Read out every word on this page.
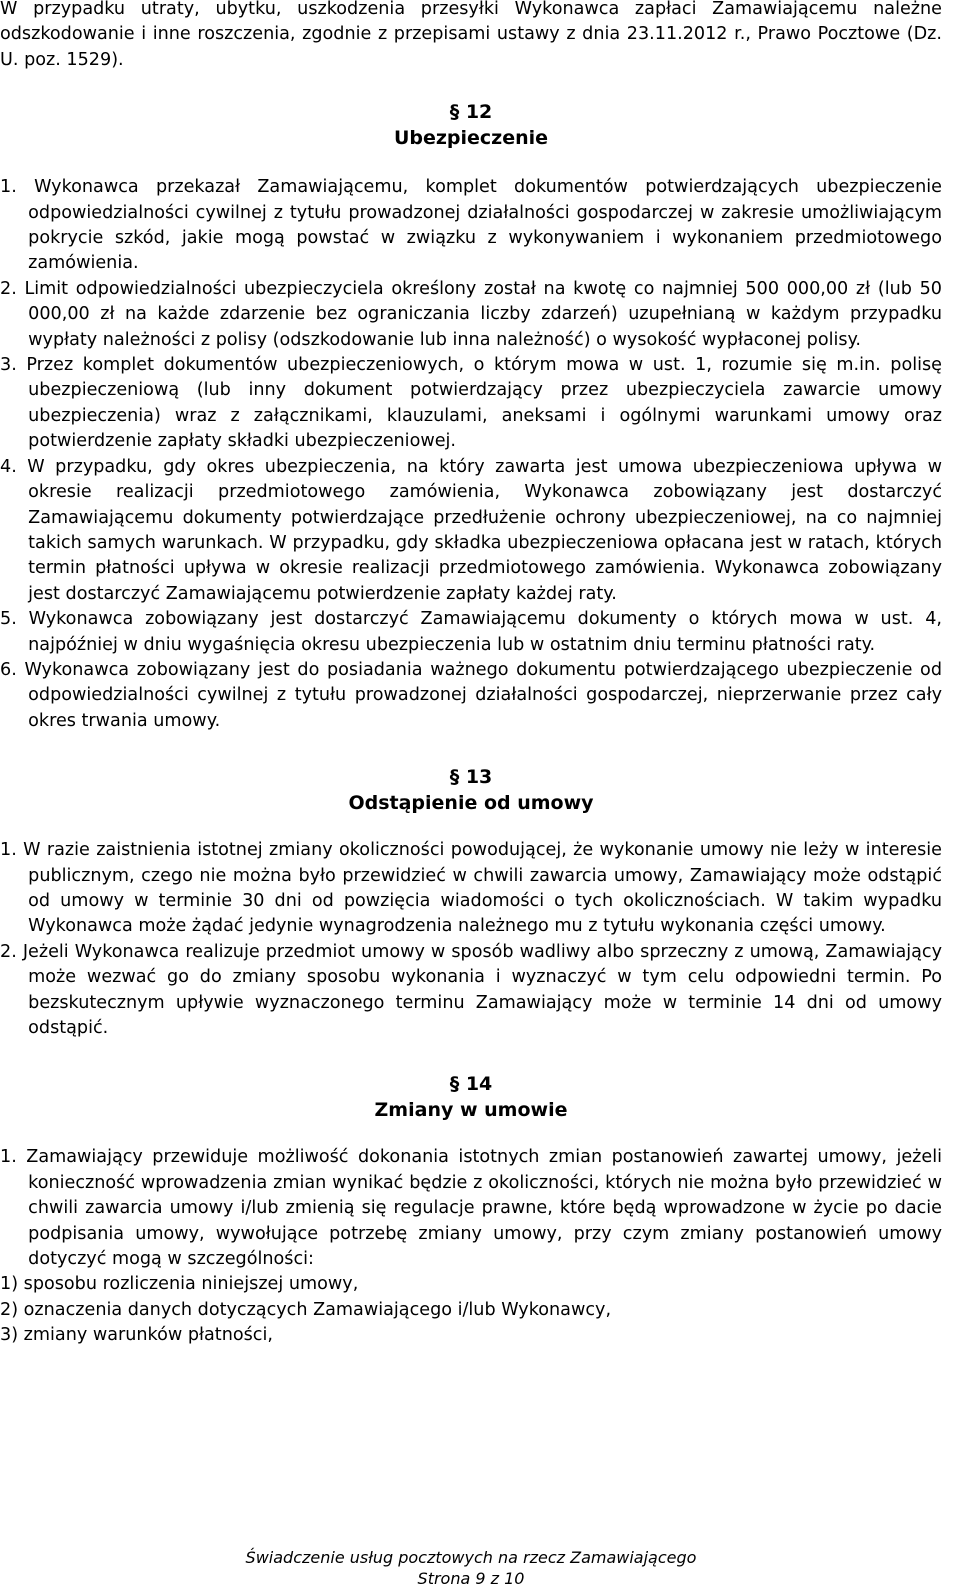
W przypadku utraty, ubytku, uszkodzenia przesyłki Wykonawca zapłaci Zamawiającemu należne odszkodowanie i inne roszczenia, zgodnie z przepisami ustawy z dnia 23.11.2012 r., Prawo Pocztowe (Dz. U. poz. 1529).

§ 12
Ubezpieczenie

1. Wykonawca przekazał Zamawiającemu, komplet dokumentów potwierdzających ubezpieczenie odpowiedzialności cywilnej z tytułu prowadzonej działalności gospodarczej w zakresie umożliwiającym pokrycie szkód, jakie mogą powstać w związku z wykonywaniem i wykonaniem przedmiotowego zamówienia.

2. Limit odpowiedzialności ubezpieczyciela określony został na kwotę co najmniej 500 000,00 zł (lub 50 000,00 zł na każde zdarzenie bez ograniczania liczby zdarzeń) uzupełnianą w każdym przypadku wypłaty należności z polisy (odszkodowanie lub inna należność) o wysokość wypłaconej polisy.

3. Przez komplet dokumentów ubezpieczeniowych, o którym mowa w ust. 1, rozumie się m.in. polisę ubezpieczeniową (lub inny dokument potwierdzający przez ubezpieczyciela zawarcie umowy ubezpieczenia) wraz z załącznikami, klauzulami, aneksami i ogólnymi warunkami umowy oraz potwierdzenie zapłaty składki ubezpieczeniowej.

4. W przypadku, gdy okres ubezpieczenia, na który zawarta jest umowa ubezpieczeniowa upływa w okresie realizacji przedmiotowego zamówienia, Wykonawca zobowiązany jest dostarczyć Zamawiającemu dokumenty potwierdzające przedłużenie ochrony ubezpieczeniowej, na co najmniej takich samych warunkach. W przypadku, gdy składka ubezpieczeniowa opłacana jest w ratach, których termin płatności upływa w okresie realizacji przedmiotowego zamówienia. Wykonawca zobowiązany jest dostarczyć Zamawiającemu potwierdzenie zapłaty każdej raty.

5. Wykonawca zobowiązany jest dostarczyć Zamawiającemu dokumenty o których mowa w ust. 4, najpóźniej w dniu wygaśnięcia okresu ubezpieczenia lub w ostatnim dniu terminu płatności raty.

6. Wykonawca zobowiązany jest do posiadania ważnego dokumentu potwierdzającego ubezpieczenie od odpowiedzialności cywilnej z tytułu prowadzonej działalności gospodarczej, nieprzerwanie przez cały okres trwania umowy.

§ 13
Odstąpienie od umowy

1. W razie zaistnienia istotnej zmiany okoliczności powodującej, że wykonanie umowy nie leży w interesie publicznym, czego nie można było przewidzieć w chwili zawarcia umowy, Zamawiający może odstąpić od umowy w terminie 30 dni od powzięcia wiadomości o tych okolicznościach. W takim wypadku Wykonawca może żądać jedynie wynagrodzenia należnego mu z tytułu wykonania części umowy.

2. Jeżeli Wykonawca realizuje przedmiot umowy w sposób wadliwy albo sprzeczny z umową, Zamawiający może wezwać go do zmiany sposobu wykonania i wyznaczyć w tym celu odpowiedni termin. Po bezskutecznym upływie wyznaczonego terminu Zamawiający może w terminie 14 dni od umowy odstąpić.

§ 14
Zmiany w umowie

1. Zamawiający przewiduje możliwość dokonania istotnych zmian postanowień zawartej umowy, jeżeli konieczność wprowadzenia zmian wynikać będzie z okoliczności, których nie można było przewidzieć w chwili zawarcia umowy i/lub zmienią się regulacje prawne, które będą wprowadzone w życie po dacie podpisania umowy, wywołujące potrzebę zmiany umowy, przy czym zmiany postanowień umowy dotyczyć mogą w szczególności:

1) sposobu rozliczenia niniejszej umowy,

2) oznaczenia danych dotyczących Zamawiającego i/lub Wykonawcy,

3) zmiany warunków płatności,

Świadczenie usług pocztowych na rzecz Zamawiającego
Strona 9 z 10
